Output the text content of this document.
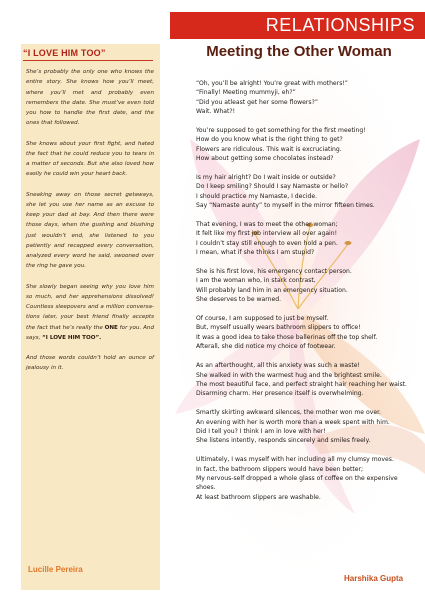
RELATIONSHIPS
“I LOVE HIM TOO”

She’s probably the only one who knows the entire story. She knows how you’ll meet, where you’ll met and probably even remembers the date. She must’ve even told you how to handle the first date, and the ones that followed.

She knows about your first fight, and hated the fact that he could reduce you to tears in a matter of seconds. But she also loved how easily he could win your heart back.

Sneaking away on those secret getaways, she let you use her name as an excuse to keep your dad at bay. And then there were those days, when the gushing and blushing just wouldn’t end, she listened to you patiently and recapped every conversation, analyzed every word he said, swooned over the ring he gave you.

She slowly began seeing why you love him so much, and her apprehensions dissolved! Countless sleepovers and a million conversa-tions later, your best friend finally accepts the fact that he’s really the ONE for you. And says, “I LOVE HIM TOO”.

And those words couldn’t hold an ounce of jealousy in it.

Lucille Pereira
Meeting the Other Woman

“Oh, you’ll be alright! You’re great with mothers!”
“Finally! Meeting mummyji, eh?”
“Did you atleast get her some flowers?”
Wait. What?!

You’re supposed to get something for the first meeting!
How do you know what is the right thing to get?
Flowers are ridiculous. This wait is excruciating.
How about getting some chocolates instead?

Is my hair alright? Do I wait inside or outside?
Do I keep smiling? Should I say Namaste or hello?
I should practice my Namaste, I decide.
Say “Namaste aunty” to myself in the mirror fifteen times.

That evening, I was to meet the other woman;
It felt like my first job interview all over again!
I couldn’t stay still enough to even hold a pen.
I mean, what if she thinks I am stupid?

She is his first love, his emergency contact person.
I am the woman who, in stark contrast,
Will probably land him in an emergency situation.
She deserves to be warned.

Of course, I am supposed to just be myself.
But, myself usually wears bathroom slippers to office!
It was a good idea to take those ballerinas off the top shelf.
Afterall, she did notice my choice of footwear.

As an afterthought, all this anxiety was such a waste!
She walked in with the warmest hug and the brightest smile.
The most beautiful face, and perfect straight hair reaching her waist.
Disarming charm. Her presence itself is overwhelming.

Smartly skirting awkward silences, the mother won me over.
An evening with her is worth more than a week spent with him.
Did I tell you? I think I am in love with her!
She listens intently, responds sincerely and smiles freely.

Ultimately, I was myself with her including all my clumsy moves.
In fact, the bathroom slippers would have been better;
My nervous-self dropped a whole glass of coffee on the expensive shoes.
At least bathroom slippers are washable.

Harshika Gupta
